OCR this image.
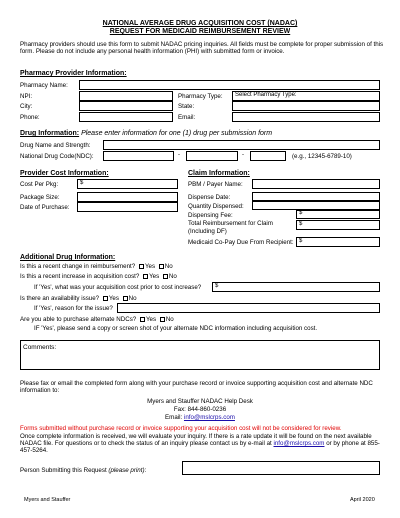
NATIONAL AVERAGE DRUG ACQUISITION COST (NADAC)
REQUEST FOR MEDICAID REIMBURSEMENT REVIEW
Pharmacy providers should use this form to submit NADAC pricing inquiries. All fields must be complete for proper submission of this form. Please do not include any personal health information (PHI) with submitted form or invoice.
Pharmacy Provider Information:
Pharmacy Name:
NPI:	Pharmacy Type: Select Pharmacy Type:
City:	State:
Phone:	Email:
Drug Information: Please enter information for one (1) drug per submission form
Drug Name and Strength:
National Drug Code(NDC):	-	-	(e.g., 12345-6789-10)
Provider Cost Information:
Cost Per Pkg:	$
Package Size:
Date of Purchase:
Claim Information:
PBM / Payer Name:
Dispense Date:
Quantity Dispensed:
Dispensing Fee:	$
Total Reimbursement for Claim
(Including DF)
$
Medicaid Co-Pay Due From Recipient: $
Additional Drug Information:
Is this a recent change in reimbursement? Yes No
Is this a recent increase in acquisition cost? Yes No
If 'Yes', what was your acquisition cost prior to cost increase? $
Is there an availability issue? Yes No
If 'Yes', reason for the issue?
Are you able to purchase alternate NDCs? Yes No
IF 'Yes', please send a copy or screen shot of your alternate NDC information including acquisition cost.
Comments:
Please fax or email the completed form along with your purchase record or invoice supporting acquisition cost and alternate NDC information to:
Myers and Stauffer NADAC Help Desk
Fax: 844-860-0236
Email: info@mslcrps.com
Forms submitted without purchase record or invoice supporting your acquisition cost will not be considered for review.
Once complete information is received, we will evaluate your inquiry. If there is a rate update it will be found on the next available NADAC file. For questions or to check the status of an inquiry please contact us by e-mail at info@mslcrps.com or by phone at 855-457-5264.
Person Submitting this Request (please print):
Myers and Stauffer	April 2020
